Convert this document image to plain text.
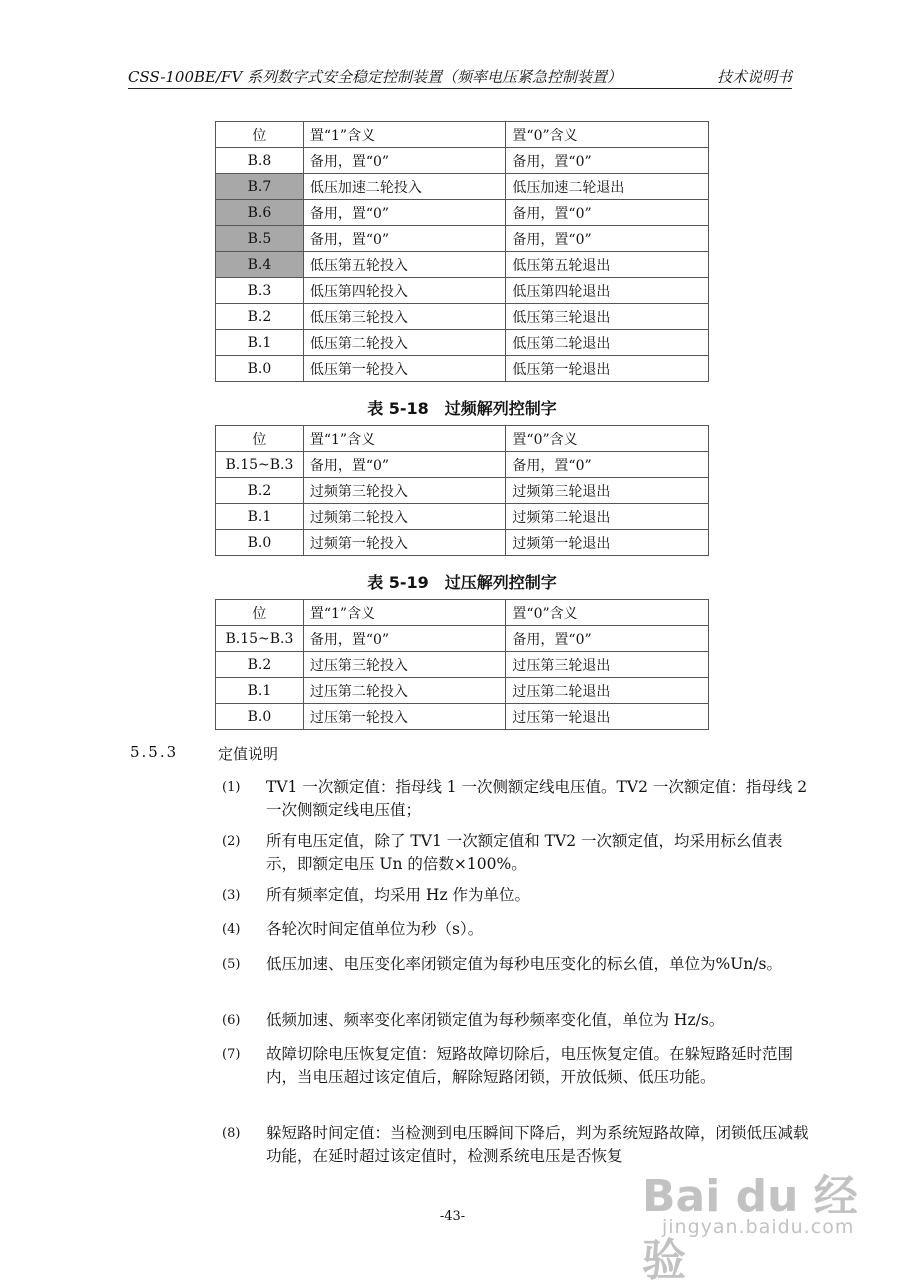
CSS-100BE/FV 系列数字式安全稳定控制装置（频率电压紧急控制装置）	技术说明书
位	置“1”含义	置“0”含义
B.8	备用，置“0”	备用，置“0”
B.7	低压加速二轮投入	低压加速二轮退出
B.6	备用，置“0”	备用，置“0”
B.5	备用，置“0”	备用，置“0”
B.4	低压第五轮投入	低压第五轮退出
B.3	低压第四轮投入	低压第四轮退出
B.2	低压第三轮投入	低压第三轮退出
B.1	低压第二轮投入	低压第二轮退出
B.0	低压第一轮投入	低压第一轮退出
表 5-18　过频解列控制字
位	置“1”含义	置“0”含义
B.15~B.3	备用，置“0”	备用，置“0”
B.2	过频第三轮投入	过频第三轮退出
B.1	过频第二轮投入	过频第二轮退出
B.0	过频第一轮投入	过频第一轮退出
表 5-19　过压解列控制字
位	置“1”含义	置“0”含义
B.15~B.3	备用，置“0”	备用，置“0”
B.2	过压第三轮投入	过压第三轮退出
B.1	过压第二轮投入	过压第二轮退出
B.0	过压第一轮投入	过压第一轮退出
5.5.3	定值说明
(1) TV1 一次额定值：指母线 1 一次侧额定线电压值。TV2 一次额定值：指母线 2 一次侧额定线电压值；
(2) 所有电压定值，除了 TV1 一次额定值和 TV2 一次额定值，均采用标幺值表示，即额定电压 Un 的倍数×100%。
(3) 所有频率定值，均采用 Hz 作为单位。
(4) 各轮次时间定值单位为秒（s）。
(5) 低压加速、电压变化率闭锁定值为每秒电压变化的标幺值，单位为%Un/s。
(6) 低频加速、频率变化率闭锁定值为每秒频率变化值，单位为 Hz/s。
(7) 故障切除电压恢复定值：短路故障切除后，电压恢复定值。在躲短路延时范围内，当电压超过该定值后，解除短路闭锁，开放低频、低压功能。
(8) 躲短路时间定值：当检测到电压瞬间下降后，判为系统短路故障，闭锁低压减载功能，在延时超过该定值时，检测系统电压是否恢复
-43-	Bai du 经验
jingyan.baidu.com
